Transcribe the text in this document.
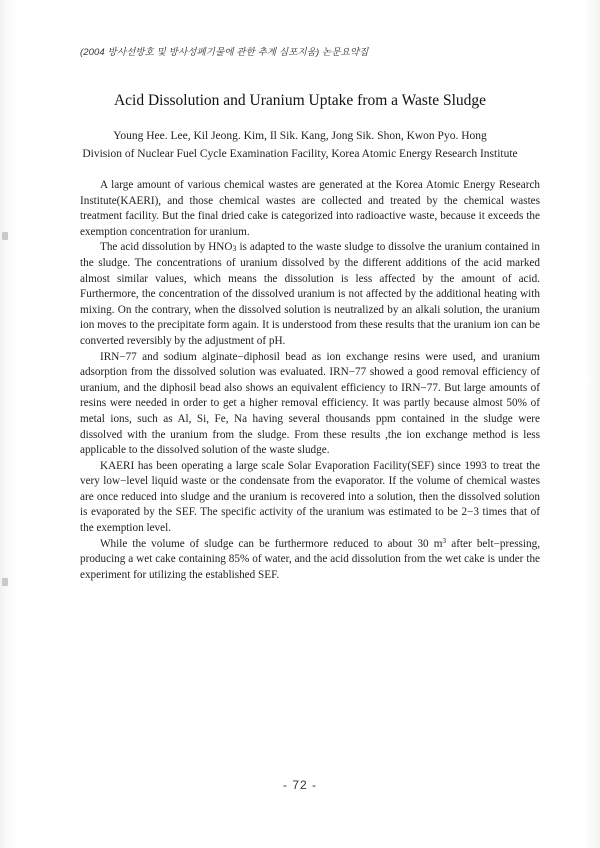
(2004 방사선방호 및 방사성폐기물에 관한 추계 심포지움) 논문요약집
Acid Dissolution and Uranium Uptake from a Waste Sludge
Young Hee. Lee, Kil Jeong. Kim, Il Sik. Kang, Jong Sik. Shon, Kwon Pyo. Hong
Division of Nuclear Fuel Cycle Examination Facility, Korea Atomic Energy Research Institute

A large amount of various chemical wastes are generated at the Korea Atomic Energy Research Institute(KAERI), and those chemical wastes are collected and treated by the chemical wastes treatment facility. But the final dried cake is categorized into radioactive waste, because it exceeds the exemption concentration for uranium.

The acid dissolution by $HNO_3$ is adapted to the waste sludge to dissolve the uranium contained in the sludge. The concentrations of uranium dissolved by the different additions of the acid marked almost similar values, which means the dissolution is less affected by the amount of acid. Furthermore, the concentration of the dissolved uranium is not affected by the additional heating with mixing. On the contrary, when the dissolved solution is neutralized by an alkali solution, the uranium ion moves to the precipitate form again. It is understood from these results that the uranium ion can be converted reversibly by the adjustment of pH.

IRN−77 and sodium alginate−diphosil bead as ion exchange resins were used, and uranium adsorption from the dissolved solution was evaluated. IRN−77 showed a good removal efficiency of uranium, and the diphosil bead also shows an equivalent efficiency to IRN−77. But large amounts of resins were needed in order to get a higher removal efficiency. It was partly because almost 50% of metal ions, such as Al, Si, Fe, Na having several thousands ppm contained in the sludge were dissolved with the uranium from the sludge. From these results ,the ion exchange method is less applicable to the dissolved solution of the waste sludge.

KAERI has been operating a large scale Solar Evaporation Facility(SEF) since 1993 to treat the very low−level liquid waste or the condensate from the evaporator. If the volume of chemical wastes are once reduced into sludge and the uranium is recovered into a solution, then the dissolved solution is evaporated by the SEF. The specific activity of the uranium was estimated to be 2−3 times that of the exemption level.

While the volume of sludge can be furthermore reduced to about 30 $m^3$ after belt−pressing, producing a wet cake containing 85% of water, and the acid dissolution from the wet cake is under the experiment for utilizing the established SEF.

- 72 -
